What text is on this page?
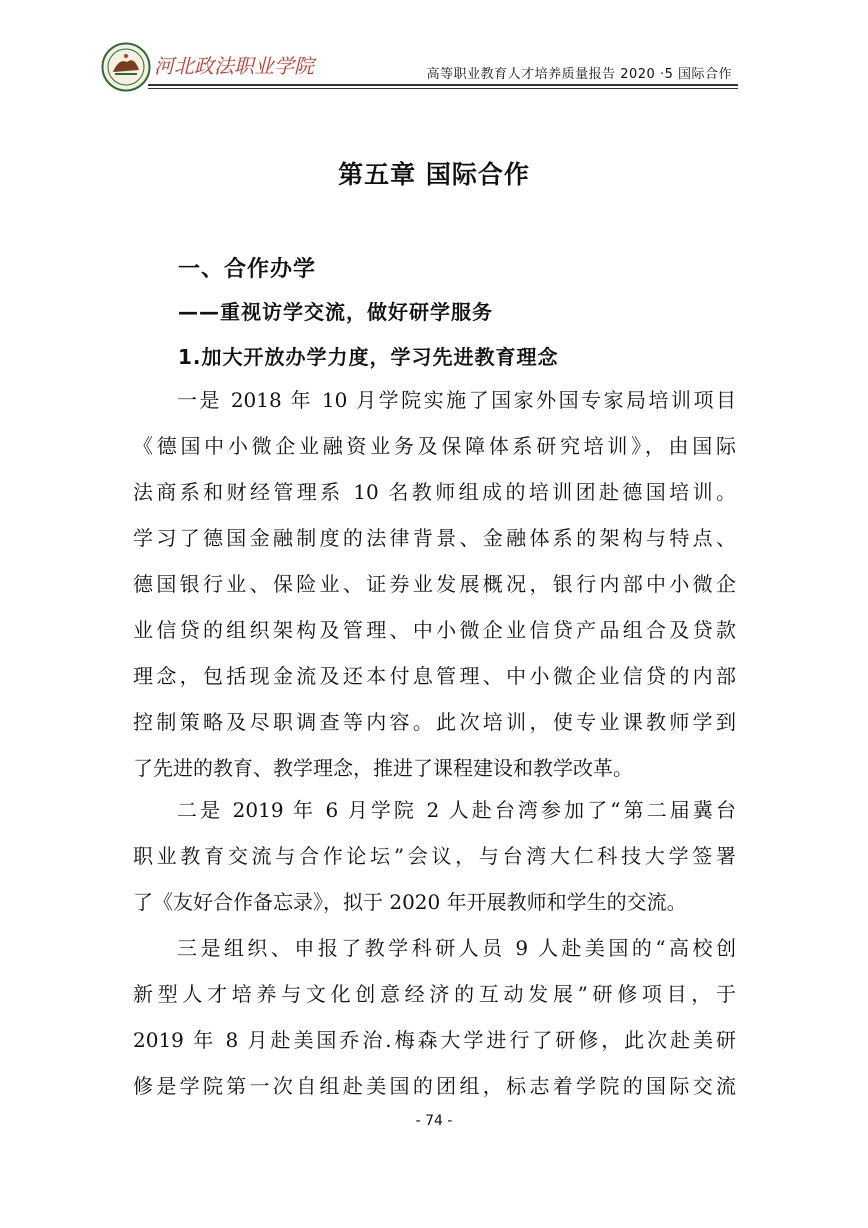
河北政法职业学院	高等职业教育人才培养质量报告 2020 ·5 国际合作
第五章 国际合作
一、合作办学
——重视访学交流，做好研学服务
1.加大开放办学力度，学习先进教育理念
一是 2018 年 10 月学院实施了国家外国专家局培训项目
《德国中小微企业融资业务及保障体系研究培训》，由国际
法商系和财经管理系 10 名教师组成的培训团赴德国培训。
学习了德国金融制度的法律背景、金融体系的架构与特点、
德国银行业、保险业、证券业发展概况，银行内部中小微企
业信贷的组织架构及管理、中小微企业信贷产品组合及贷款
理念，包括现金流及还本付息管理、中小微企业信贷的内部
控制策略及尽职调查等内容。此次培训，使专业课教师学到
了先进的教育、教学理念，推进了课程建设和教学改革。
二是 2019 年 6 月学院 2 人赴台湾参加了“第二届冀台
职业教育交流与合作论坛”会议，与台湾大仁科技大学签署
了《友好合作备忘录》，拟于 2020 年开展教师和学生的交流。
三是组织、申报了教学科研人员 9 人赴美国的“高校创
新型人才培养与文化创意经济的互动发展”研修项目，于
2019 年 8 月赴美国乔治.梅森大学进行了研修，此次赴美研
修是学院第一次自组赴美国的团组，标志着学院的国际交流
- 74 -
